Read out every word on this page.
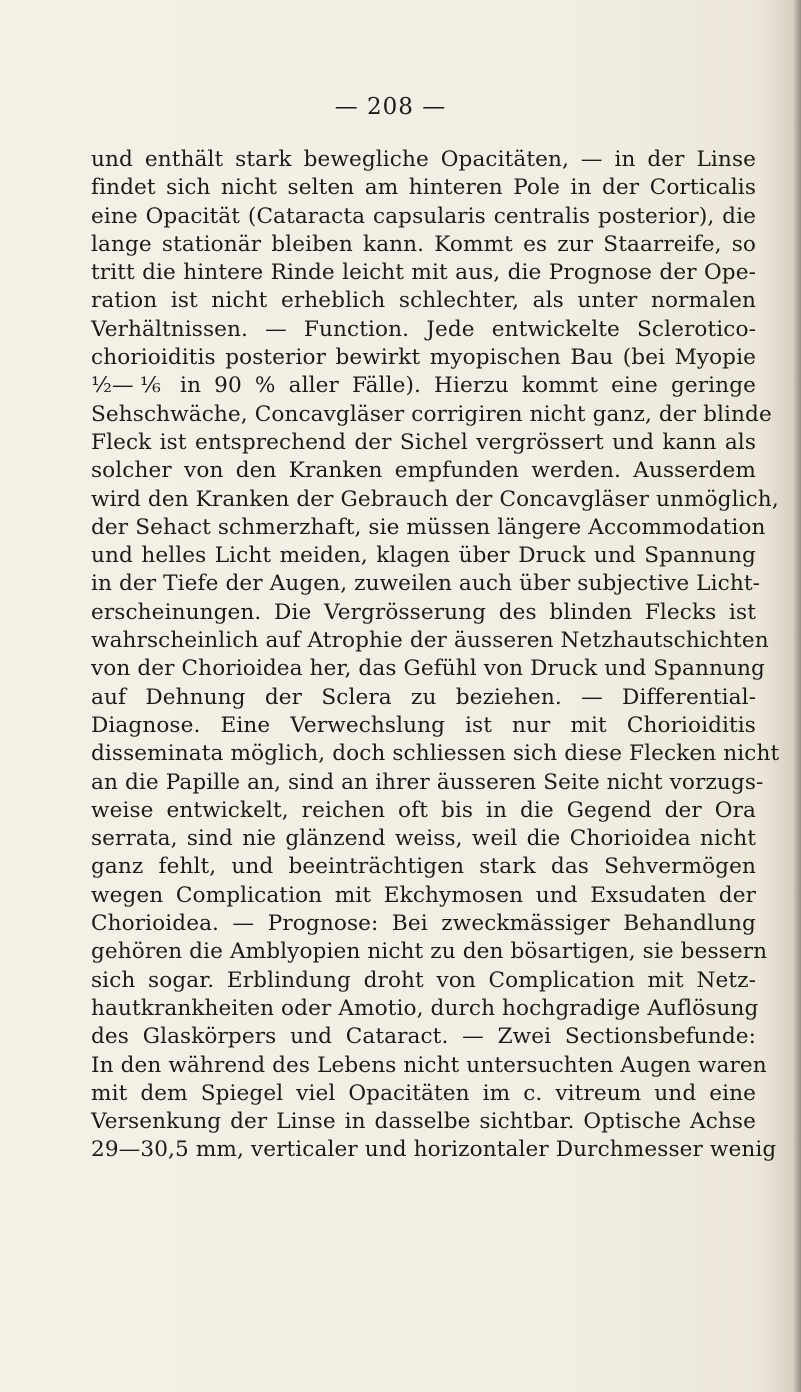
— 208 —
und enthält stark bewegliche Opacitäten, — in der Linse
findet sich nicht selten am hinteren Pole in der Corticalis
eine Opacität (Cataracta capsularis centralis posterior), die
lange stationär bleiben kann. Kommt es zur Staarreife, so
tritt die hintere Rinde leicht mit aus, die Prognose der Ope-
ration ist nicht erheblich schlechter, als unter normalen
Verhältnissen. — Function. Jede entwickelte Sclerotico-
chorioiditis posterior bewirkt myopischen Bau (bei Myopie
½—⅙ in 90 % aller Fälle). Hierzu kommt eine geringe
Sehschwäche, Concavgläser corrigiren nicht ganz, der blinde
Fleck ist entsprechend der Sichel vergrössert und kann als
solcher von den Kranken empfunden werden. Ausserdem
wird den Kranken der Gebrauch der Concavgläser unmöglich,
der Sehact schmerzhaft, sie müssen längere Accommodation
und helles Licht meiden, klagen über Druck und Spannung
in der Tiefe der Augen, zuweilen auch über subjective Licht-
erscheinungen. Die Vergrösserung des blinden Flecks ist
wahrscheinlich auf Atrophie der äusseren Netzhautschichten
von der Chorioidea her, das Gefühl von Druck und Spannung
auf Dehnung der Sclera zu beziehen. — Differential-
Diagnose. Eine Verwechslung ist nur mit Chorioiditis
disseminata möglich, doch schliessen sich diese Flecken nicht
an die Papille an, sind an ihrer äusseren Seite nicht vorzugs-
weise entwickelt, reichen oft bis in die Gegend der Ora
serrata, sind nie glänzend weiss, weil die Chorioidea nicht
ganz fehlt, und beeinträchtigen stark das Sehvermögen
wegen Complication mit Ekchymosen und Exsudaten der
Chorioidea. — Prognose: Bei zweckmässiger Behandlung
gehören die Amblyopien nicht zu den bösartigen, sie bessern
sich sogar. Erblindung droht von Complication mit Netz-
hautkrankheiten oder Amotio, durch hochgradige Auflösung
des Glaskörpers und Cataract. — Zwei Sectionsbefunde:
In den während des Lebens nicht untersuchten Augen waren
mit dem Spiegel viel Opacitäten im c. vitreum und eine
Versenkung der Linse in dasselbe sichtbar. Optische Achse
29—30,5 mm, verticaler und horizontaler Durchmesser wenig
